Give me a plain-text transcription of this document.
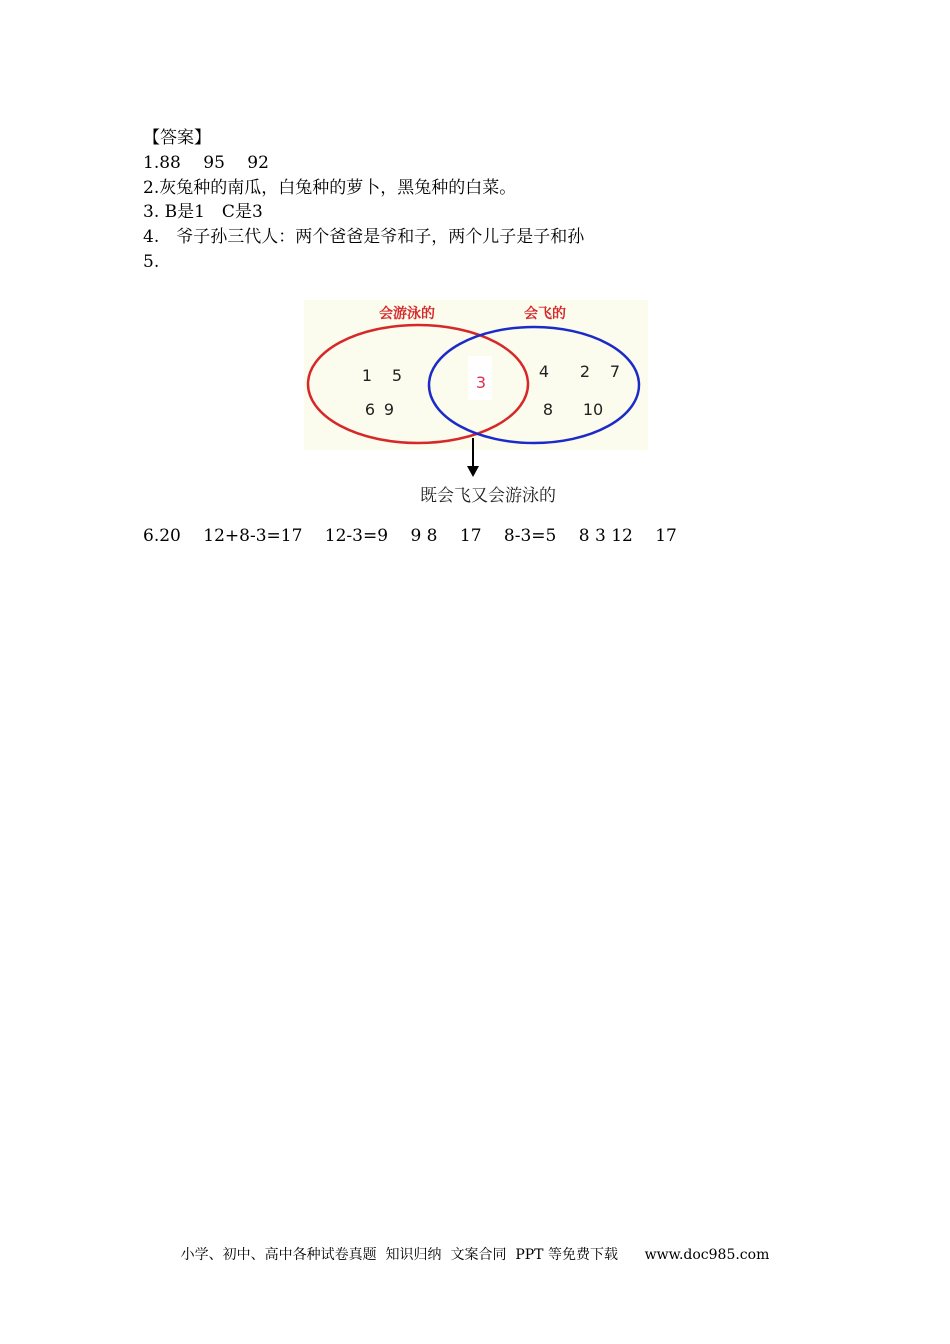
【答案】
1.88　 95　 92
2.灰兔种的南瓜，白兔种的萝卜，黑兔种的白菜。
3. B是1　C是3
4.　爷子孙三代人：两个爸爸是爷和子，两个儿子是子和孙
5.
会游泳的	会飞的
1 5
6 9
3
4 2 7
8 10
既会飞又会游泳的
6.20　 12+8-3=17　 12-3=9　 9 8　 17　 8-3=5　 8 3 12　 17
小学、初中、高中各种试卷真题  知识归纳  文案合同  PPT 等免费下载      www.doc985.com
